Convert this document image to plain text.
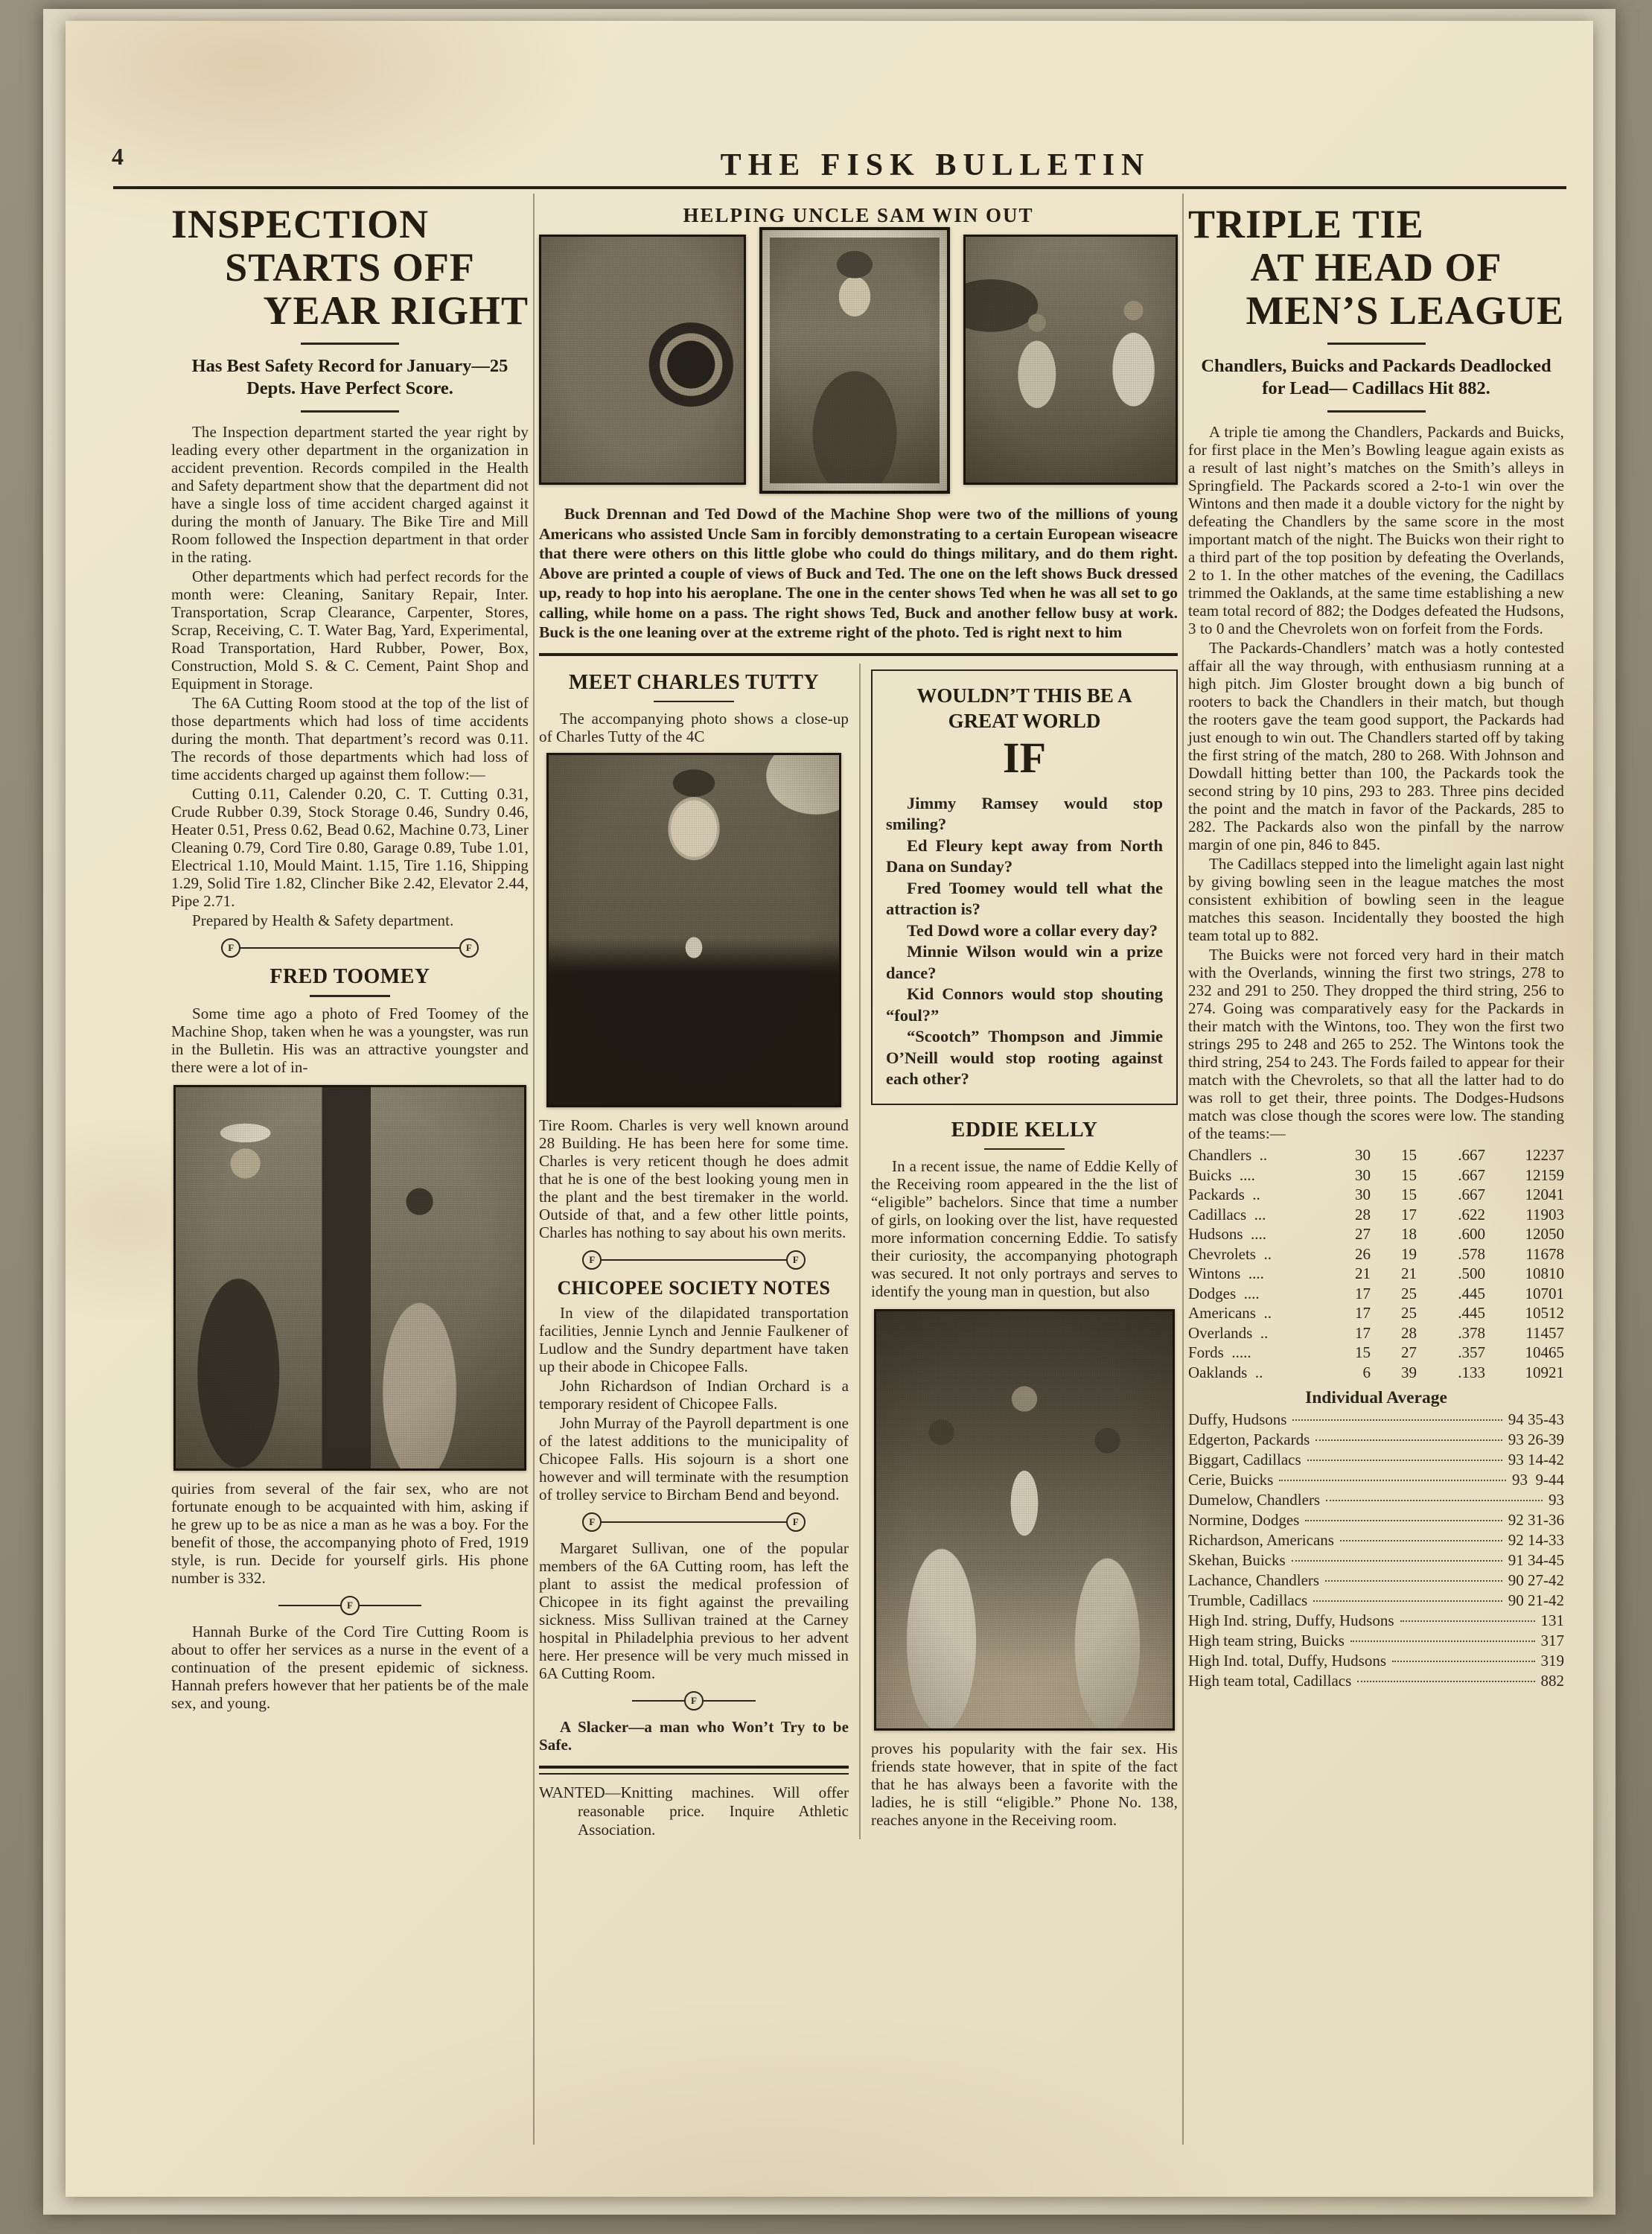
4	THE FISK BULLETIN
INSPECTION
STARTS OFF
YEAR RIGHT
Has Best Safety Record for January—25 Depts. Have Perfect Score.

The Inspection department started the year right by leading every other department in the organization in accident prevention. Records compiled in the Health and Safety department show that the department did not have a single loss of time accident charged against it during the month of January. The Bike Tire and Mill Room followed the Inspection department in that order in the rating.

Other departments which had perfect records for the month were: Cleaning, Sanitary Repair, Inter. Transportation, Scrap Clearance, Carpenter, Stores, Scrap, Receiving, C. T. Water Bag, Yard, Experimental, Road Transportation, Hard Rubber, Power, Box, Construction, Mold S. & C. Cement, Paint Shop and Equipment in Storage.

The 6A Cutting Room stood at the top of the list of those departments which had loss of time accidents during the month. That department’s record was 0.11. The records of those departments which had loss of time accidents charged up against them follow:—

Cutting 0.11, Calender 0.20, C. T. Cutting 0.31, Crude Rubber 0.39, Stock Storage 0.46, Sundry 0.46, Heater 0.51, Press 0.62, Bead 0.62, Machine 0.73, Liner Cleaning 0.79, Cord Tire 0.80, Garage 0.89, Tube 1.01, Electrical 1.10, Mould Maint. 1.15, Tire 1.16, Shipping 1.29, Solid Tire 1.82, Clincher Bike 2.42, Elevator 2.44, Pipe 2.71.

Prepared by Health & Safety department.

F	F
FRED TOOMEY

Some time ago a photo of Fred Toomey of the Machine Shop, taken when he was a youngster, was run in the Bulletin. His was an attractive youngster and there were a lot of in-

quiries from several of the fair sex, who are not fortunate enough to be acquainted with him, asking if he grew up to be as nice a man as he was a boy. For the benefit of those, the accompanying photo of Fred, 1919 style, is run. Decide for yourself girls. His phone number is 332.

F

Hannah Burke of the Cord Tire Cutting Room is about to offer her services as a nurse in the event of a continuation of the present epidemic of sickness. Hannah prefers however that her patients be of the male sex, and young.

HELPING UNCLE SAM WIN OUT

Buck Drennan and Ted Dowd of the Machine Shop were two of the millions of young Americans who assisted Uncle Sam in forcibly demonstrating to a certain European wiseacre that there were others on this little globe who could do things military, and do them right. Above are printed a couple of views of Buck and Ted. The one on the left shows Buck dressed up, ready to hop into his aeroplane. The one in the center shows Ted when he was all set to go calling, while home on a pass. The right shows Ted, Buck and another fellow busy at work. Buck is the one leaning over at the extreme right of the photo. Ted is right next to him

MEET CHARLES TUTTY

The accompanying photo shows a close-up of Charles Tutty of the 4C

Tire Room. Charles is very well known around 28 Building. He has been here for some time. Charles is very reticent though he does admit that he is one of the best looking young men in the plant and the best tiremaker in the world. Outside of that, and a few other little points, Charles has nothing to say about his own merits.

F	F
CHICOPEE SOCIETY NOTES

In view of the dilapidated transportation facilities, Jennie Lynch and Jennie Faulkener of Ludlow and the Sundry department have taken up their abode in Chicopee Falls.

John Richardson of Indian Orchard is a temporary resident of Chicopee Falls.

John Murray of the Payroll department is one of the latest additions to the municipality of Chicopee Falls. His sojourn is a short one however and will terminate with the resumption of trolley service to Bircham Bend and beyond.

F	F

Margaret Sullivan, one of the popular members of the 6A Cutting room, has left the plant to assist the medical profession of Chicopee in its fight against the prevailing sickness. Miss Sullivan trained at the Carney hospital in Philadelphia previous to her advent here. Her presence will be very much missed in 6A Cutting Room.

F

A Slacker—a man who Won’t Try to be Safe.

WANTED—Knitting machines. Will offer reasonable price. Inquire Athletic Association.

WOULDN’T THIS BE A
GREAT WORLD
IF

Jimmy Ramsey would stop smiling?

Ed Fleury kept away from North Dana on Sunday?

Fred Toomey would tell what the attraction is?

Ted Dowd wore a collar every day?

Minnie Wilson would win a prize dance?

Kid Connors would stop shouting “foul?”

“Scootch” Thompson and Jimmie O’Neill would stop rooting against each other?

EDDIE KELLY

In a recent issue, the name of Eddie Kelly of the Receiving room appeared in the the list of “eligible” bachelors. Since that time a number of girls, on looking over the list, have requested more information concerning Eddie. To satisfy their curiosity, the accompanying photograph was secured. It not only portrays and serves to identify the young man in question, but also

proves his popularity with the fair sex. His friends state however, that in spite of the fact that he has always been a favorite with the ladies, he is still “eligible.” Phone No. 138, reaches anyone in the Receiving room.

TRIPLE TIE
AT HEAD OF
MEN’S LEAGUE
Chandlers, Buicks and Packards Deadlocked for Lead— Cadillacs Hit 882.

A triple tie among the Chandlers, Packards and Buicks, for first place in the Men’s Bowling league again exists as a result of last night’s matches on the Smith’s alleys in Springfield. The Packards scored a 2-to-1 win over the Wintons and then made it a double victory for the night by defeating the Chandlers by the same score in the most important match of the night. The Buicks won their right to a third part of the top position by defeating the Overlands, 2 to 1. In the other matches of the evening, the Cadillacs trimmed the Oaklands, at the same time establishing a new team total record of 882; the Dodges defeated the Hudsons, 3 to 0 and the Chevrolets won on forfeit from the Fords.

The Packards-Chandlers’ match was a hotly contested affair all the way through, with enthusiasm running at a high pitch. Jim Gloster brought down a big bunch of rooters to back the Chandlers in their match, but though the rooters gave the team good support, the Packards had just enough to win out. The Chandlers started off by taking the first string of the match, 280 to 268. With Johnson and Dowdall hitting better than 100, the Packards took the second string by 10 pins, 293 to 283. Three pins decided the point and the match in favor of the Packards, 285 to 282. The Packards also won the pinfall by the narrow margin of one pin, 846 to 845.

The Cadillacs stepped into the limelight again last night by giving bowling seen in the league matches the most consistent exhibition of bowling seen in the league matches this season. Incidentally they boosted the high team total up to 882.

The Buicks were not forced very hard in their match with the Overlands, winning the first two strings, 278 to 232 and 291 to 250. They dropped the third string, 256 to 274. Going was comparatively easy for the Packards in their match with the Wintons, too. They won the first two strings 295 to 248 and 265 to 252. The Wintons took the third string, 254 to 243. The Fords failed to appear for their match with the Chevrolets, so that all the latter had to do was roll to get their, three points. The Dodges-Hudsons match was close though the scores were low. The standing of the teams:—

Chandlers  ..	30	15	.667	12237
Buicks  ....	30	15	.667	12159
Packards  ..	30	15	.667	12041
Cadillacs  ...	28	17	.622	11903
Hudsons  ....	27	18	.600	12050
Chevrolets  ..	26	19	.578	11678
Wintons  ....	21	21	.500	10810
Dodges  ....	17	25	.445	10701
Americans  ..	17	25	.445	10512
Overlands  ..	17	28	.378	11457
Fords  .....	15	27	.357	10465
Oaklands  ..	6	39	.133	10921
Individual Average
Duffy, Hudsons	94 35-43
Edgerton, Packards	93 26-39
Biggart, Cadillacs	93 14-42
Cerie, Buicks	93  9-44
Dumelow, Chandlers	93
Normine, Dodges	92 31-36
Richardson, Americans	92 14-33
Skehan, Buicks	91 34-45
Lachance, Chandlers	90 27-42
Trumble, Cadillacs	90 21-42
High Ind. string, Duffy, Hudsons	131
High team string, Buicks	317
High Ind. total, Duffy, Hudsons	319
High team total, Cadillacs	882
